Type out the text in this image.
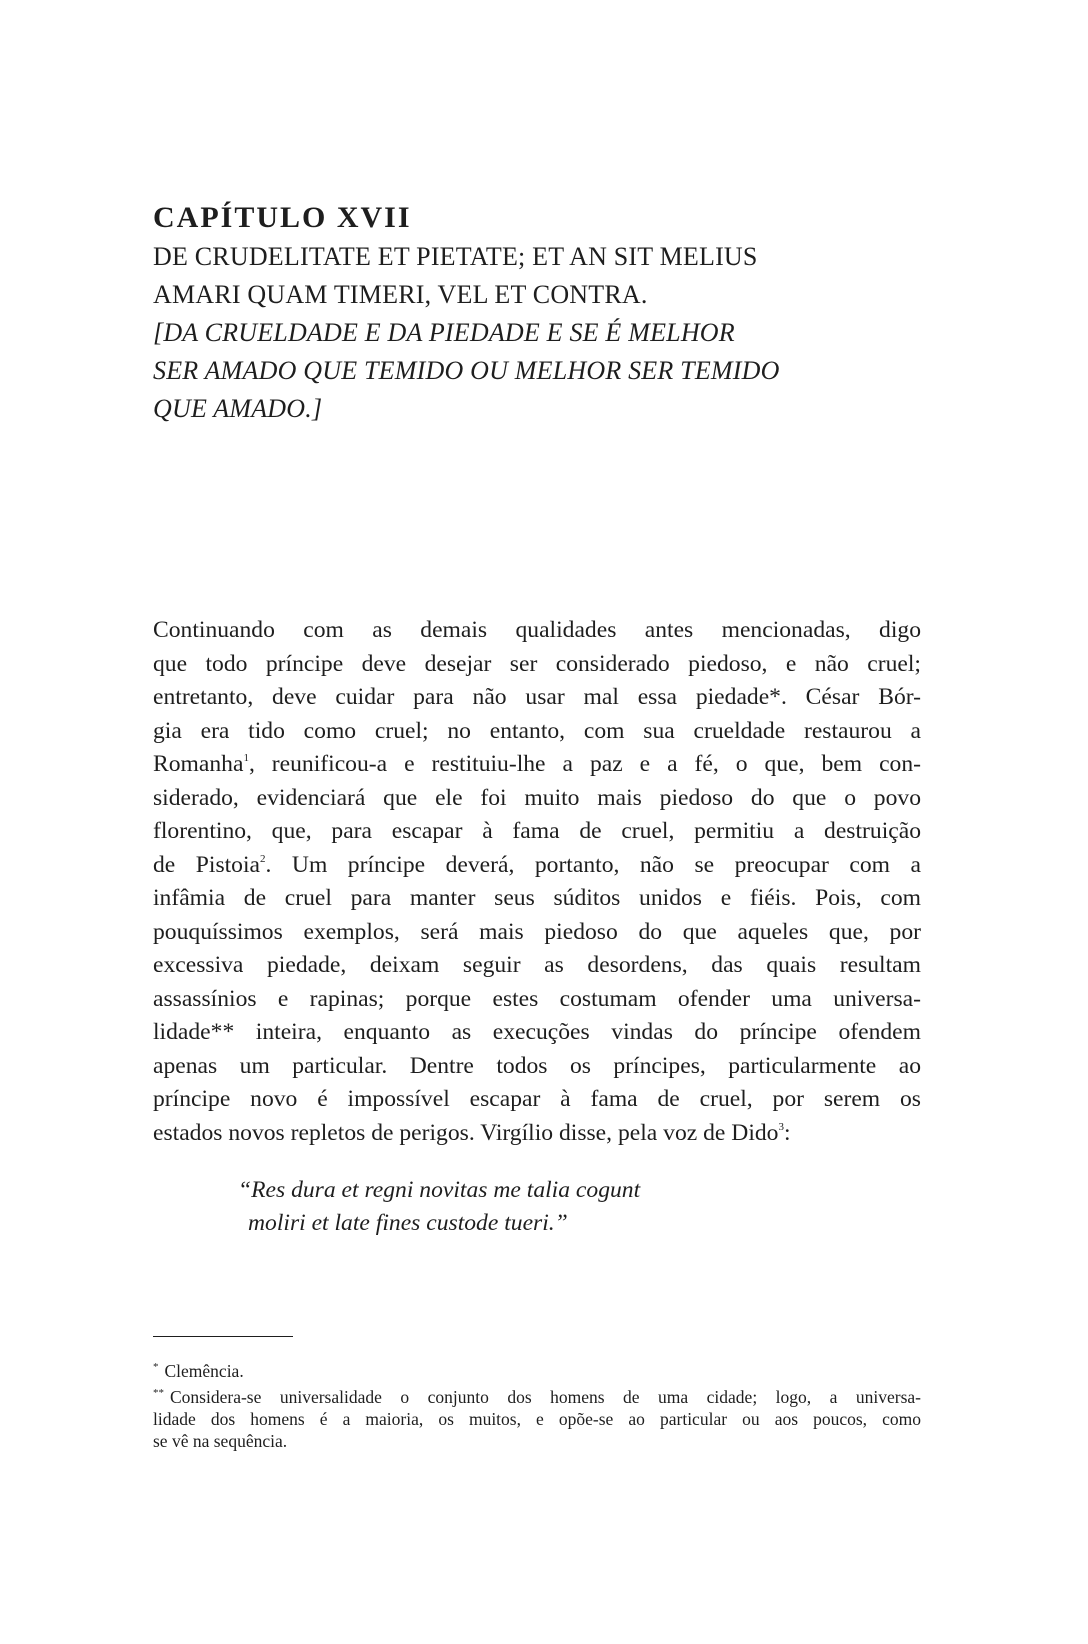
CAPÍTULO XVII
DE CRUDELITATE ET PIETATE; ET AN SIT MELIUS
AMARI QUAM TIMERI, VEL ET CONTRA.
[DA CRUELDADE E DA PIEDADE E SE É MELHOR
SER AMADO QUE TEMIDO OU MELHOR SER TEMIDO
QUE AMADO.]
Continuando com as demais qualidades antes mencionadas, digo
que todo príncipe deve desejar ser considerado piedoso, e não cruel;
entretanto, deve cuidar para não usar mal essa piedade*. César Bór-
gia era tido como cruel; no entanto, com sua crueldade restaurou a
Romanha$^1$, reunificou-a e restituiu-lhe a paz e a fé, o que, bem con-
siderado, evidenciará que ele foi muito mais piedoso do que o povo
florentino, que, para escapar à fama de cruel, permitiu a destruição
de Pistoia$^2$. Um príncipe deverá, portanto, não se preocupar com a
infâmia de cruel para manter seus súditos unidos e fiéis. Pois, com
pouquíssimos exemplos, será mais piedoso do que aqueles que, por
excessiva piedade, deixam seguir as desordens, das quais resultam
assassínios e rapinas; porque estes costumam ofender uma universa-
lidade** inteira, enquanto as execuções vindas do príncipe ofendem
apenas um particular. Dentre todos os príncipes, particularmente ao
príncipe novo é impossível escapar à fama de cruel, por serem os
estados novos repletos de perigos. Virgílio disse, pela voz de Dido$^3$:
“Res dura et regni novitas me talia cogunt
moliri et late fines custode tueri.”
* Clemência.
** Considera-se universalidade o conjunto dos homens de uma cidade; logo, a universa-
lidade dos homens é a maioria, os muitos, e opõe-se ao particular ou aos poucos, como
se vê na sequência.
